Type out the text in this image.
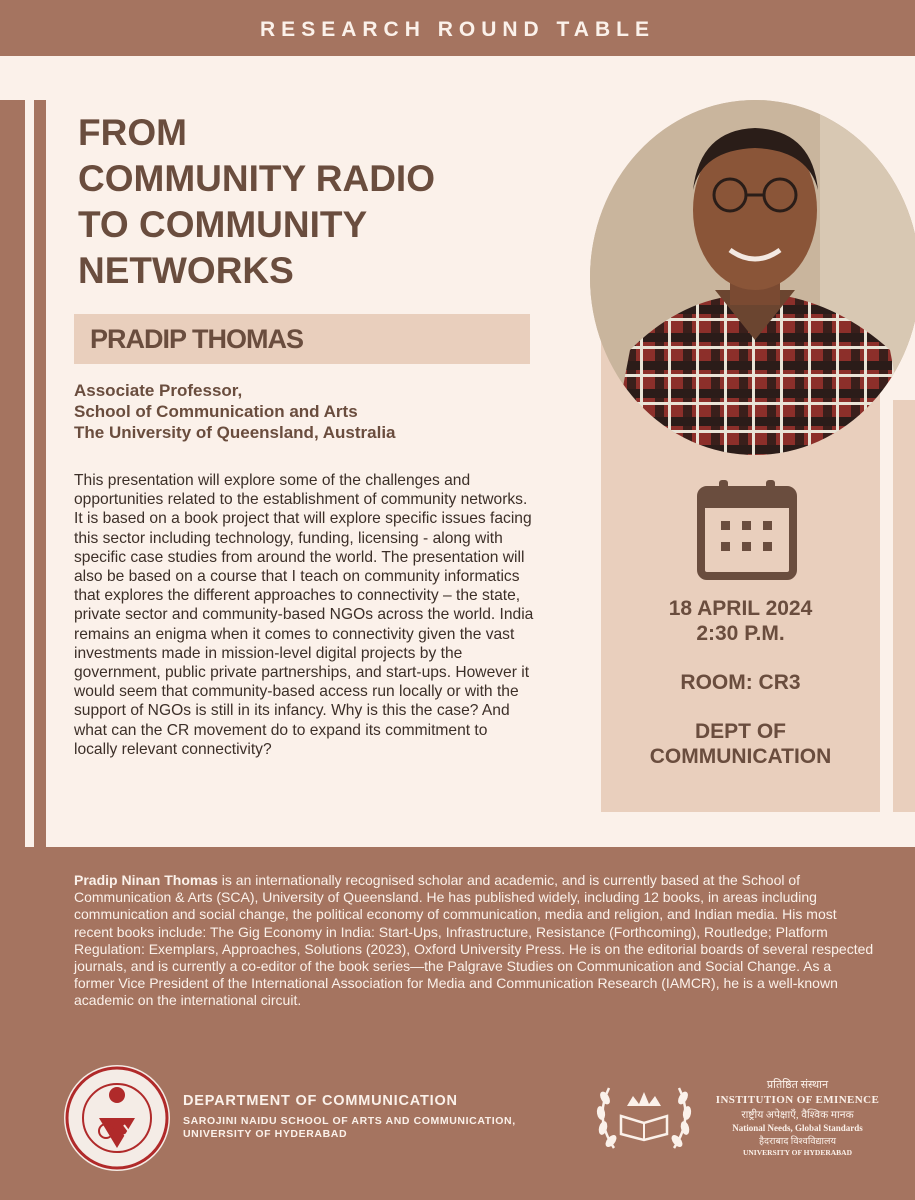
RESEARCH ROUND TABLE
FROM
COMMUNITY RADIO
TO COMMUNITY
NETWORKS
PRADIP THOMAS
Associate Professor,
School of Communication and Arts
The University of Queensland, Australia

This presentation will explore some of the challenges and opportunities related to the establishment of community networks. It is based on a book project that will explore specific issues facing this sector including technology, funding, licensing - along with specific case studies from around the world. The presentation will also be based on a course that I teach on community informatics that explores the different approaches to connectivity – the state, private sector and community-based NGOs across the world. India remains an enigma when it comes to connectivity given the vast investments made in mission-level digital projects by the government, public private partnerships, and start-ups. However it would seem that community-based access run locally or with the support of NGOs is still in its infancy. Why is this the case? And what can the CR movement do to expand its commitment to locally relevant connectivity?

18 APRIL 2024
2:30 P.M.
ROOM: CR3
DEPT OF
COMMUNICATION

Pradip Ninan Thomas is an internationally recognised scholar and academic, and is currently based at the School of Communication & Arts (SCA), University of Queensland. He has published widely, including 12 books, in areas including communication and social change, the political economy of communication, media and religion, and Indian media. His most recent books include: The Gig Economy in India: Start-Ups, Infrastructure, Resistance (Forthcoming), Routledge; Platform Regulation: Exemplars, Approaches, Solutions (2023), Oxford University Press. He is on the editorial boards of several respected journals, and is currently a co-editor of the book series—the Palgrave Studies on Communication and Social Change. As a former Vice President of the International Association for Media and Communication Research (IAMCR), he is a well-known academic on the international circuit.

DEPARTMENT OF COMMUNICATION
SAROJINI NAIDU SCHOOL OF ARTS AND COMMUNICATION,
UNIVERSITY OF HYDERABAD
प्रतिष्ठित संस्थान
INSTITUTION OF EMINENCE
राष्ट्रीय अपेक्षाएँ, वैश्विक मानक
National Needs, Global Standards
हैदराबाद विश्वविद्यालय
UNIVERSITY OF HYDERABAD
